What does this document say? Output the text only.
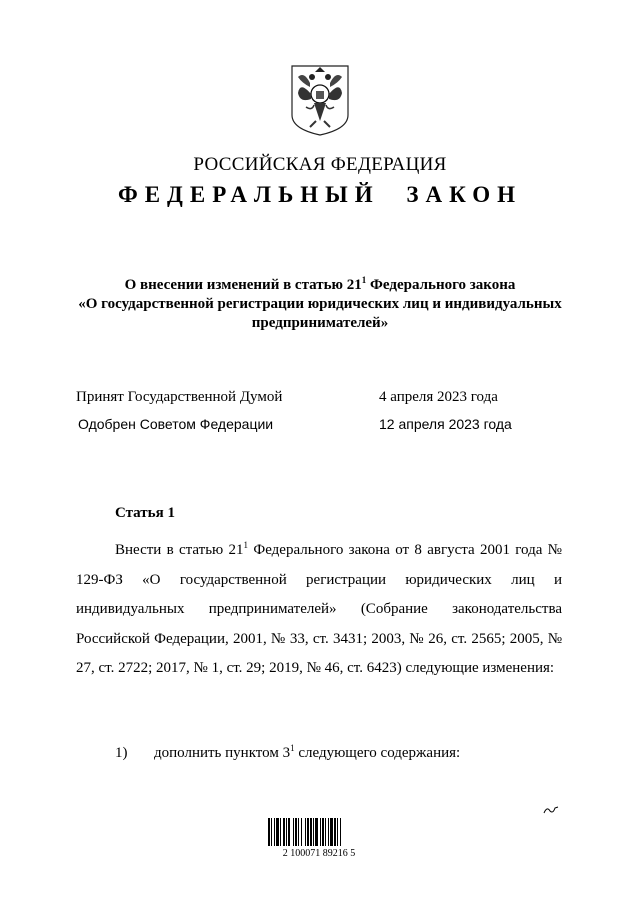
РОССИЙСКАЯ ФЕДЕРАЦИЯ
ФЕДЕРАЛЬНЫЙ ЗАКОН
О внесении изменений в статью $21^1$ Федерального закона
«О государственной регистрации юридических лиц и индивидуальных
предпринимателей»
Принят Государственной Думой	4 апреля 2023 года
Одобрен Советом Федерации	12 апреля 2023 года
Статья 1
Внести в статью $21^1$ Федерального закона от 8 августа 2001 года № 129-ФЗ «О государственной регистрации юридических лиц и индивидуальных предпринимателей» (Собрание законодательства Российской Федерации, 2001, № 33, ст. 3431; 2003, № 26, ст. 2565; 2005, № 27, ст. 2722; 2017, № 1, ст. 29; 2019, № 46, ст. 6423) следующие изменения:
1) дополнить пунктом $3^1$ следующего содержания:
2 100071 89216 5
